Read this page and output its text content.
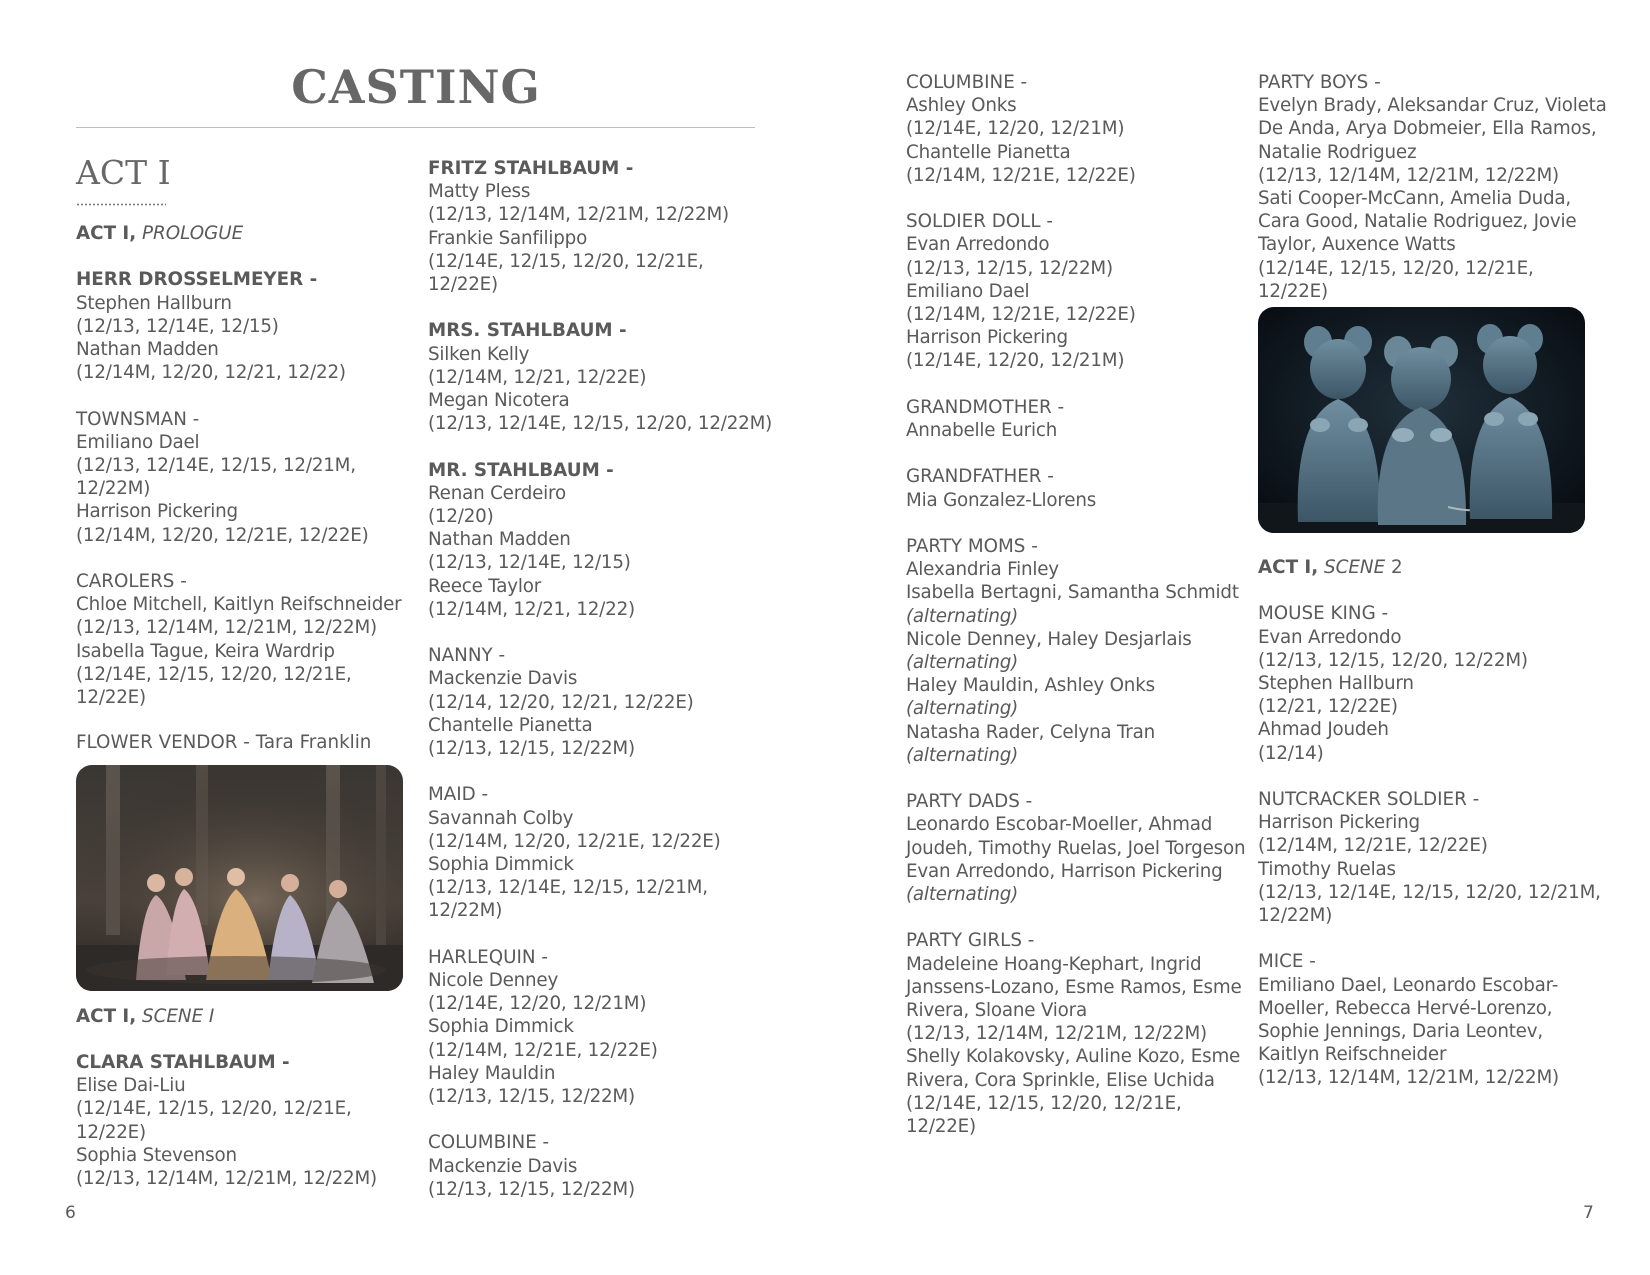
CASTING
ACT I
ACT I, PROLOGUE
HERR DROSSELMEYER -
Stephen Hallburn
(12/13, 12/14E, 12/15)
Nathan Madden
(12/14M, 12/20, 12/21, 12/22)
TOWNSMAN -
Emiliano Dael
(12/13, 12/14E, 12/15, 12/21M,
12/22M)
Harrison Pickering
(12/14M, 12/20, 12/21E, 12/22E)
CAROLERS -
Chloe Mitchell, Kaitlyn Reifschneider
(12/13, 12/14M, 12/21M, 12/22M)
Isabella Tague, Keira Wardrip
(12/14E, 12/15, 12/20, 12/21E,
12/22E)
FLOWER VENDOR - Tara Franklin
ACT I, SCENE I
CLARA STAHLBAUM -
Elise Dai-Liu
(12/14E, 12/15, 12/20, 12/21E,
12/22E)
Sophia Stevenson
(12/13, 12/14M, 12/21M, 12/22M)
FRITZ STAHLBAUM -
Matty Pless
(12/13, 12/14M, 12/21M, 12/22M)
Frankie Sanfilippo
(12/14E, 12/15, 12/20, 12/21E,
12/22E)
MRS. STAHLBAUM -
Silken Kelly
(12/14M, 12/21, 12/22E)
Megan Nicotera
(12/13, 12/14E, 12/15, 12/20, 12/22M)
MR. STAHLBAUM -
Renan Cerdeiro
(12/20)
Nathan Madden
(12/13, 12/14E, 12/15)
Reece Taylor
(12/14M, 12/21, 12/22)
NANNY -
Mackenzie Davis
(12/14, 12/20, 12/21, 12/22E)
Chantelle Pianetta
(12/13, 12/15, 12/22M)
MAID -
Savannah Colby
(12/14M, 12/20, 12/21E, 12/22E)
Sophia Dimmick
(12/13, 12/14E, 12/15, 12/21M,
12/22M)
HARLEQUIN -
Nicole Denney
(12/14E, 12/20, 12/21M)
Sophia Dimmick
(12/14M, 12/21E, 12/22E)
Haley Mauldin
(12/13, 12/15, 12/22M)
COLUMBINE -
Mackenzie Davis
(12/13, 12/15, 12/22M)
COLUMBINE -
Ashley Onks
(12/14E, 12/20, 12/21M)
Chantelle Pianetta
(12/14M, 12/21E, 12/22E)
SOLDIER DOLL -
Evan Arredondo
(12/13, 12/15, 12/22M)
Emiliano Dael
(12/14M, 12/21E, 12/22E)
Harrison Pickering
(12/14E, 12/20, 12/21M)
GRANDMOTHER -
Annabelle Eurich
GRANDFATHER -
Mia Gonzalez-Llorens
PARTY MOMS -
Alexandria Finley
Isabella Bertagni, Samantha Schmidt
(alternating)
Nicole Denney, Haley Desjarlais
(alternating)
Haley Mauldin, Ashley Onks
(alternating)
Natasha Rader, Celyna Tran
(alternating)
PARTY DADS -
Leonardo Escobar-Moeller, Ahmad
Joudeh, Timothy Ruelas, Joel Torgeson
Evan Arredondo, Harrison Pickering
(alternating)
PARTY GIRLS -
Madeleine Hoang-Kephart, Ingrid
Janssens-Lozano, Esme Ramos, Esme
Rivera, Sloane Viora
(12/13, 12/14M, 12/21M, 12/22M)
Shelly Kolakovsky, Auline Kozo, Esme
Rivera, Cora Sprinkle, Elise Uchida
(12/14E, 12/15, 12/20, 12/21E,
12/22E)
PARTY BOYS -
Evelyn Brady, Aleksandar Cruz, Violeta
De Anda, Arya Dobmeier, Ella Ramos,
Natalie Rodriguez
(12/13, 12/14M, 12/21M, 12/22M)
Sati Cooper-McCann, Amelia Duda,
Cara Good, Natalie Rodriguez, Jovie
Taylor, Auxence Watts
(12/14E, 12/15, 12/20, 12/21E,
12/22E)
ACT I, SCENE 2
MOUSE KING -
Evan Arredondo
(12/13, 12/15, 12/20, 12/22M)
Stephen Hallburn
(12/21, 12/22E)
Ahmad Joudeh
(12/14)
NUTCRACKER SOLDIER -
Harrison Pickering
(12/14M, 12/21E, 12/22E)
Timothy Ruelas
(12/13, 12/14E, 12/15, 12/20, 12/21M,
12/22M)
MICE -
Emiliano Dael, Leonardo Escobar-
Moeller, Rebecca Hervé-Lorenzo,
Sophie Jennings, Daria Leontev,
Kaitlyn Reifschneider
(12/13, 12/14M, 12/21M, 12/22M)
6	7
